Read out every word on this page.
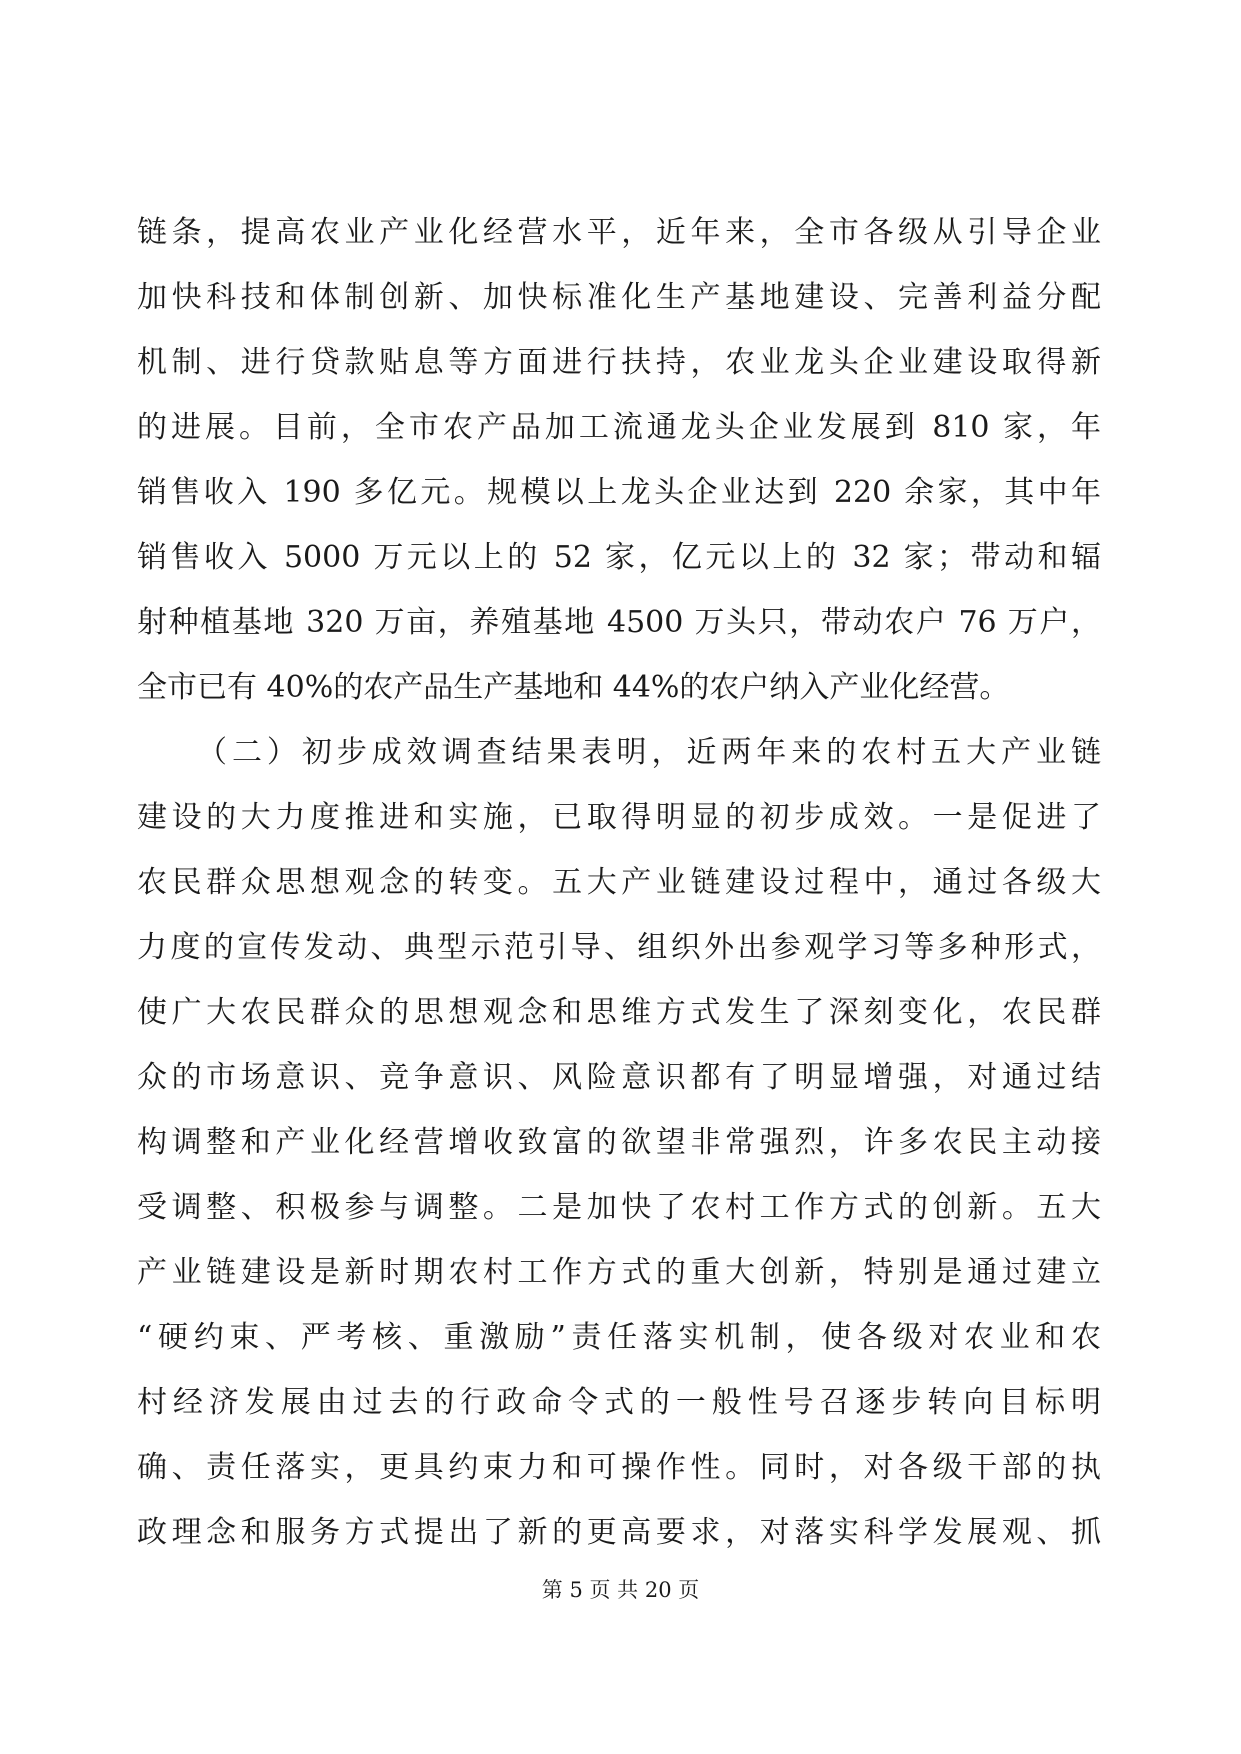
链条，提高农业产业化经营水平，近年来，全市各级从引导企业
加快科技和体制创新、加快标准化生产基地建设、完善利益分配
机制、进行贷款贴息等方面进行扶持，农业龙头企业建设取得新
的进展。目前，全市农产品加工流通龙头企业发展到 810 家，年
销售收入 190 多亿元。规模以上龙头企业达到 220 余家，其中年
销售收入 5000 万元以上的 52 家，亿元以上的 32 家；带动和辐
射种植基地 320 万亩，养殖基地 4500 万头只，带动农户 76 万户，
全市已有 40%的农产品生产基地和 44%的农户纳入产业化经营。
（二）初步成效调查结果表明，近两年来的农村五大产业链
建设的大力度推进和实施，已取得明显的初步成效。一是促进了
农民群众思想观念的转变。五大产业链建设过程中，通过各级大
力度的宣传发动、典型示范引导、组织外出参观学习等多种形式，
使广大农民群众的思想观念和思维方式发生了深刻变化，农民群
众的市场意识、竞争意识、风险意识都有了明显增强，对通过结
构调整和产业化经营增收致富的欲望非常强烈，许多农民主动接
受调整、积极参与调整。二是加快了农村工作方式的创新。五大
产业链建设是新时期农村工作方式的重大创新，特别是通过建立
“硬约束、严考核、重激励”责任落实机制，使各级对农业和农
村经济发展由过去的行政命令式的一般性号召逐步转向目标明
确、责任落实，更具约束力和可操作性。同时，对各级干部的执
政理念和服务方式提出了新的更高要求，对落实科学发展观、抓
第 5 页 共 20 页
